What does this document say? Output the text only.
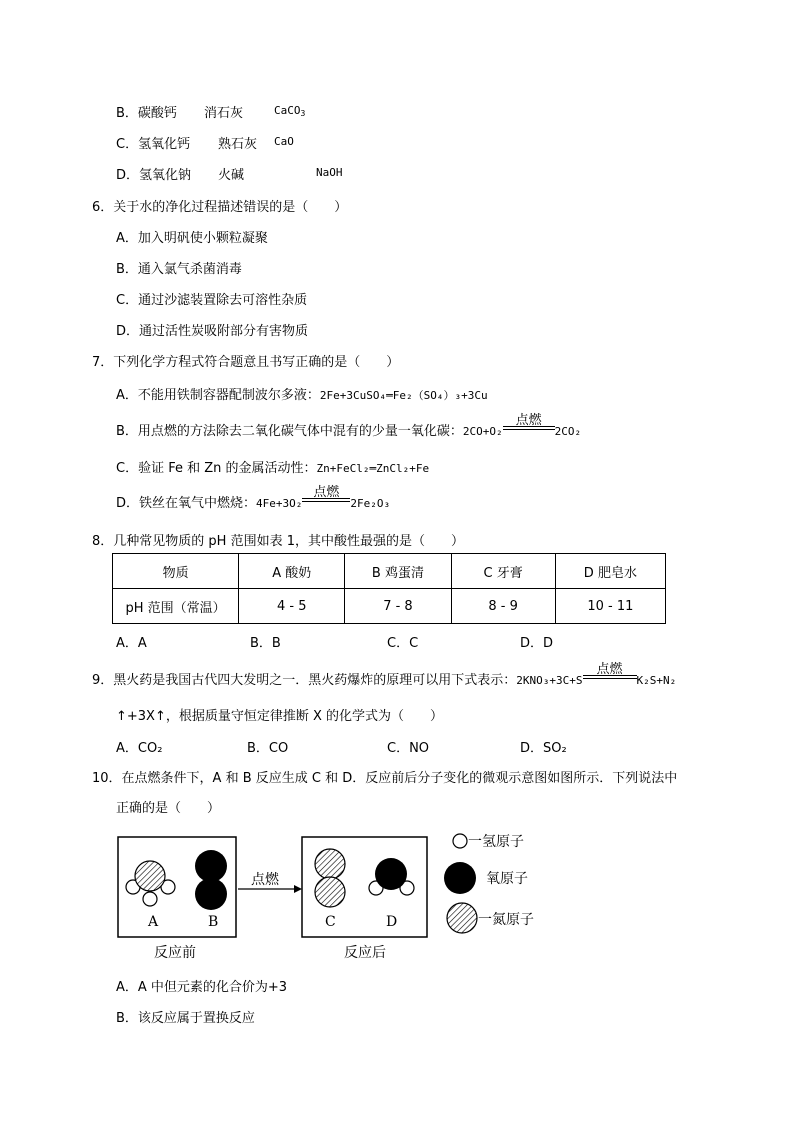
B．碳酸钙 消石灰	CaCO$_3$
C．氢氧化钙 熟石灰 CaO
D．氢氧化钠 火碱	NaOH
6．关于水的净化过程描述错误的是（　　）
A．加入明矾使小颗粒凝聚
B．通入氯气杀菌消毒
C．通过沙滤装置除去可溶性杂质
D．通过活性炭吸附部分有害物质
7．下列化学方程式符合题意且书写正确的是（　　）
A．不能用铁制容器配制波尔多液：2Fe+3CuSO₄═Fe₂（SO₄）₃+3Cu
B．用点燃的方法除去二氧化碳气体中混有的少量一氧化碳：2CO+O₂
点燃
2CO₂
C．验证 Fe 和 Zn 的金属活动性：Zn+FeCl₂═ZnCl₂+Fe
D．铁丝在氧气中燃烧：4Fe+3O₂
点燃
2Fe₂O₃
8．几种常见物质的 pH 范围如表 1，其中酸性最强的是（　　）
物质	A 酸奶	B 鸡蛋清	C 牙膏	D 肥皂水
pH 范围（常温）	4 - 5	7 - 8	8 - 9	10 - 11
A．A	B．B	C．C	D．D
9．黑火药是我国古代四大发明之一．黑火药爆炸的原理可以用下式表示：2KNO₃+3C+S
点燃
K₂S+N₂
↑+3X↑，根据质量守恒定律推断 X 的化学式为（　　）
A．CO₂	B．CO	C．NO	D．SO₂
10．在点燃条件下，A 和 B 反应生成 C 和 D．反应前后分子变化的微观示意图如图所示．下列说法中
正确的是（　　）
A	B
反应前
点燃
C	D
反应后
一氢原子
氧原子
一氮原子
A．A 中但元素的化合价为+3
B．该反应属于置换反应
